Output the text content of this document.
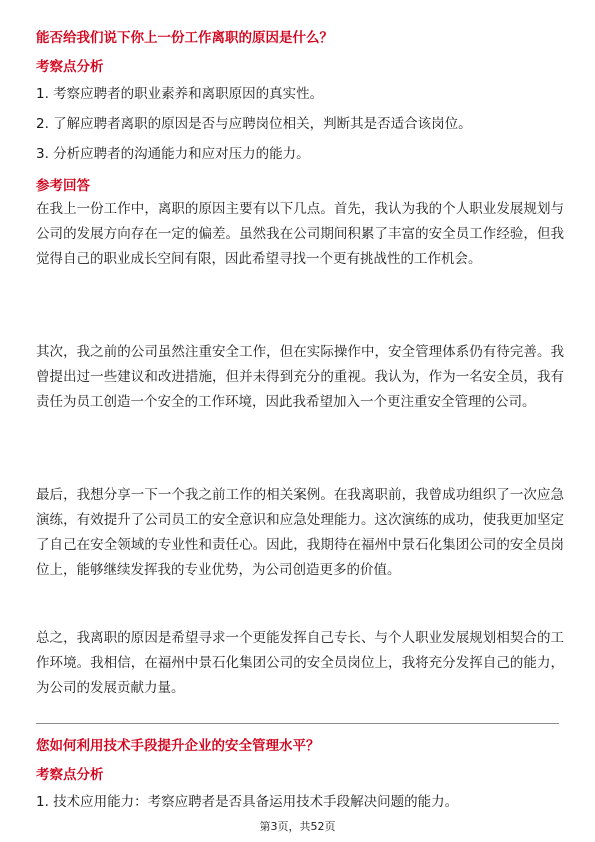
能否给我们说下你上一份工作离职的原因是什么？
考察点分析
1. 考察应聘者的职业素养和离职原因的真实性。
2. 了解应聘者离职的原因是否与应聘岗位相关，判断其是否适合该岗位。
3. 分析应聘者的沟通能力和应对压力的能力。
参考回答
在我上一份工作中，离职的原因主要有以下几点。首先，我认为我的个人职业发展规划与公司的发展方向存在一定的偏差。虽然我在公司期间积累了丰富的安全员工作经验，但我觉得自己的职业成长空间有限，因此希望寻找一个更有挑战性的工作机会。
其次，我之前的公司虽然注重安全工作，但在实际操作中，安全管理体系仍有待完善。我曾提出过一些建议和改进措施，但并未得到充分的重视。我认为，作为一名安全员，我有责任为员工创造一个安全的工作环境，因此我希望加入一个更注重安全管理的公司。
最后，我想分享一下一个我之前工作的相关案例。在我离职前，我曾成功组织了一次应急演练，有效提升了公司员工的安全意识和应急处理能力。这次演练的成功，使我更加坚定了自己在安全领域的专业性和责任心。因此，我期待在福州中景石化集团公司的安全员岗位上，能够继续发挥我的专业优势，为公司创造更多的价值。
总之，我离职的原因是希望寻求一个更能发挥自己专长、与个人职业发展规划相契合的工作环境。我相信，在福州中景石化集团公司的安全员岗位上，我将充分发挥自己的能力，为公司的发展贡献力量。
您如何利用技术手段提升企业的安全管理水平？
考察点分析
1. 技术应用能力：考察应聘者是否具备运用技术手段解决问题的能力。
第3页，共52页
